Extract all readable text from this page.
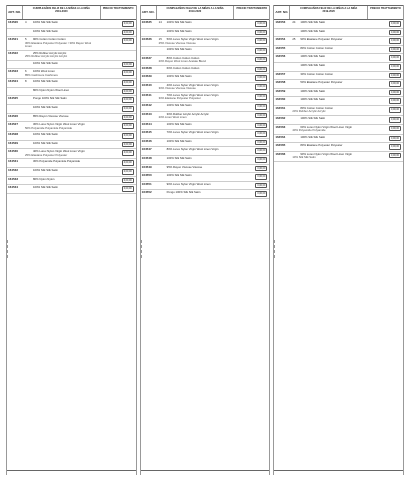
ART. NO.
CUMPLEAÑOS FELIZ DE LA NIÑAS A LA NIÑA
2019-2020
PRECIO TRATTAMIENTO
164520	4 100% Silk Silk Satin	0,00,00
100% Silk Silk Satin	0,00,00
164521	5 90% Cotton Cotton Cotton
30% Elastane Polyester Polyester / 30% Rayon Wool Linen
0,00,00
164522	25% Rubber Acrylic Acrylic
25% Rubber Acrylic Acrylic Acrylic
100% Silk Silk Satin	0,00,00
164523	6 100% Wool Linen
85% Cashmere Cashmere	0,00,00
164524	8 100% Silk Silk Satin	0,00,00
80% Nylon Nylon Wool Linen	0,00,00
164525	Pongo 100% Silk Silk Satin	0,00,00
100% Silk Silk Satin	0,00,00
164526	85% Rayon Viscose Viscose	0,00,00
164527	30% Lurex Nylon Virgin Wool Linen Virgin
50% Polyamide Polyamide Polyamide	0,00,00
164528	100% Silk Silk Satin	0,00,00
164529	100% Silk Silk Satin	0,00,00
164530	40% Lurex Nylon Virgin Wool Linen Virgin
25% Elastane Polyester Polyester	0,00,00
164531	30% Polyamide Polyamide Polyamide	0,00,00
164532	100% Silk Silk Satin	0,00,00
164533	80% Nylon Nylon	0,00,00
164534	100% Silk Silk Satin	0,00,00
ART. NO.
CUMPLEAÑOS FELIZ DE LA NIÑAS A LA NIÑA
2019-2020
PRECIO TRATTAMIENTO
164535	14 100% Silk Silk Satin	0,00,00
100% Silk Silk Satin	0,00,00
164536	15 50% Lurex Nylon Virgin Wool Linen Virgin
25% Viscose Viscose Viscose	0,00,00
100% Silk Silk Satin	0,00,00
164537	80% Cotton Cotton Cotton
20% Rayon Wool Linen Acetate Blend	0,00,00
164538	60% Cotton Cotton Cotton	0,00,00
164539	100% Silk Silk Satin	0,00,00
164540	40% Lurex Nylon Virgin Wool Linen Virgin
30% Viscose Viscose Viscose	0,00,00
164541	70% Lurex Nylon Virgin Wool Linen Virgin
30% Elastane Polyester Polyester	0,00,00
164542	100% Silk Silk Satin	0,00,00
164543	30% Rubber Acrylic Acrylic Acrylic
20% Linen Wool Linen	0,00,00
164544	100% Silk Silk Satin	0,00,00
164545	70% Lurex Nylon Virgin Wool Linen Virgin	0,00,00
164546	100% Silk Silk Satin	0,00,00
164547	80% Lurex Nylon Virgin Wool Linen Virgin	0,00,00
164548	100% Silk Silk Satin	0,00,00
164549	95% Rayon Viscose Viscose	0,00,00
164550	100% Silk Silk Satin	0,00,00
164551	90% Lurex Nylon Virgin Wool Linen	0,00,00
164552	Pongo 100% Silk Silk Satin	0,00,00
ART. NO.
CUMPLEAÑOS FELIZ DE LA NIÑAS A LA NIÑA
2019-2020
PRECIO TRATTAMIENTO
164553	24 100% Silk Silk Satin	0,00,00
100% Silk Silk Satin	0,00,00
164554	25 90% Elastane Polyester Polyester	0,00,00
164555	80% Cotton Cotton Cotton	0,00,00
164556	100% Silk Silk Satin	0,00,00
100% Silk Silk Satin	0,00,00
164557	30% Cotton Cotton Cotton	0,00,00
164558	50% Elastane Polyester Polyester	0,00,00
164559	100% Silk Silk Satin	0,00,00
164560	100% Silk Silk Satin	0,00,00
164561	80% Cotton Cotton Cotton
20% Rubber Acrylic Acrylic	0,00,00
164562	100% Silk Silk Satin	0,00,00
164563	60% Lurex Nylon Virgin Wool Linen Virgin
40% Polyamide Polyamide	0,00,00
164564	100% Silk Silk Satin	0,00,00
164565	80% Elastane Polyester Polyester	0,00,00
164566	90% Lurex Nylon Virgin Wool Linen Virgin
10% Silk Silk Satin	0,00,00
